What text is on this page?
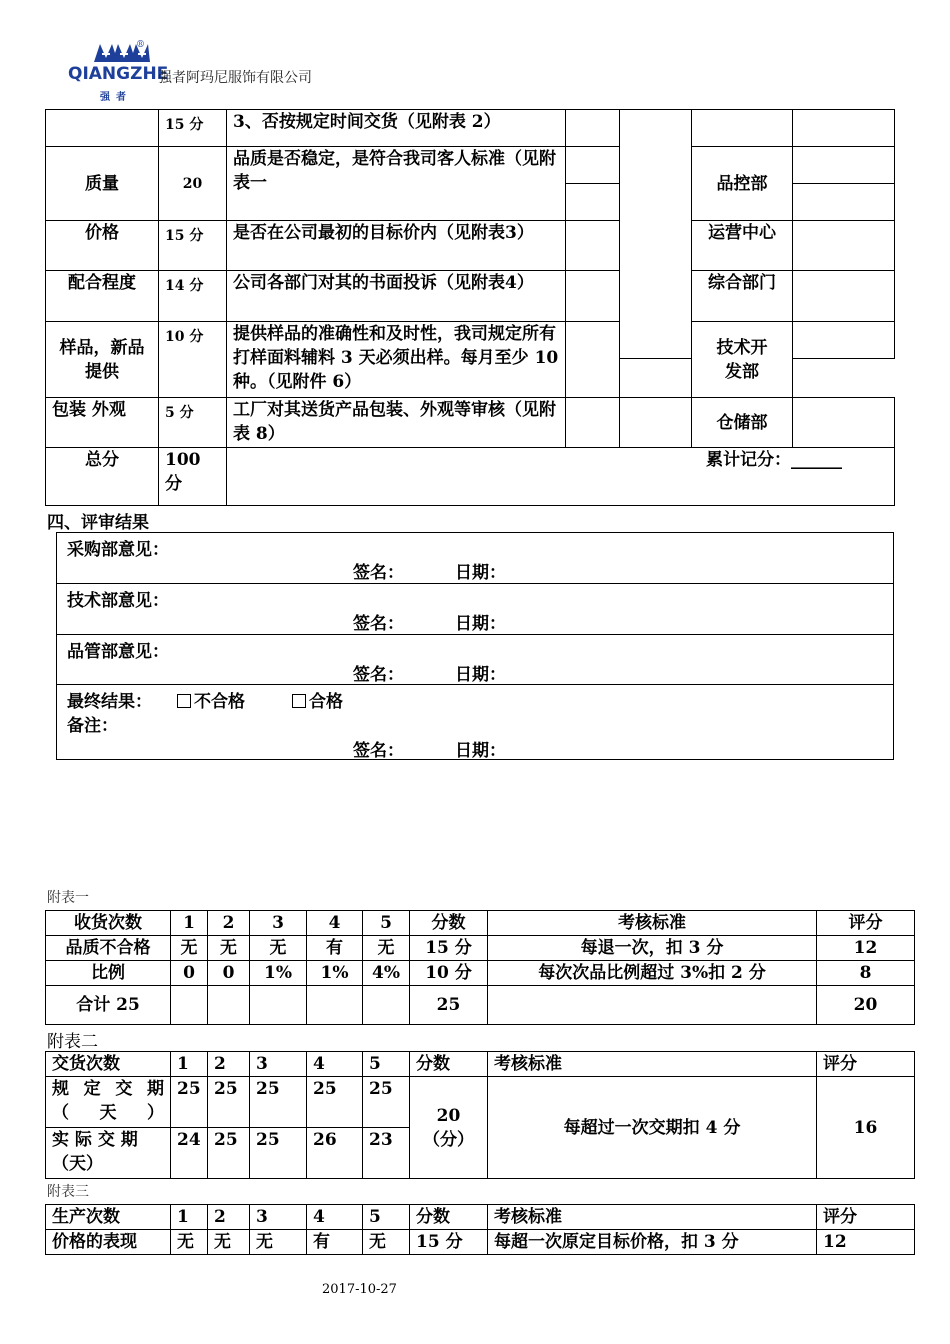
®
QIANGZHE
强者
强者阿玛尼服饰有限公司
	15 分	3、否按规定时间交货（见附表 2）				
质量	20	品质是否稳定，是符合我司客人标准（见附表一			品控部	

价格	15 分	是否在公司最初的目标价内（见附表3）			运营中心	
配合程度	14 分	公司各部门对其的书面投诉（见附表4）			综合部门	
样品，新品提供	10 分	提供样品的准确性和及时性，我司规定所有打样面料辅料 3 天必须出样。每月至少 10 种。（见附件 6）			技术开发部	

包装 外观	5 分	工厂对其送货产品包装、外观等审核（见附表 8）			仓储部	
总分	100 分	累计记分：______				
四、评审结果
采购部意见：
签名：	日期：
技术部意见：
签名：	日期：
品管部意见：
签名：	日期：
最终结果：	不合格	合格
备注：
签名：	日期：
附表一
收货次数	1	2	3	4	5	分数	考核标准	评分
品质不合格	无	无	无	有	无	15 分	每退一次，扣 3 分	12
比例	0	0	1%	1%	4%	10 分	每次次品比例超过 3%扣 2 分	8
合计 25						25		20
附表二
交货次数	1	2	3	4	5	分数	考核标准	评分
规 定 交 期（天）	25	25	25	25	25	20（分）	每超过一次交期扣 4 分	16
实 际 交 期（天）	24	25	25	26	23			
附表三
生产次数	1	2	3	4	5	分数	考核标准	评分
价格的表现	无	无	无	有	无	15 分	每超一次原定目标价格，扣 3 分	12
2017-10-27
